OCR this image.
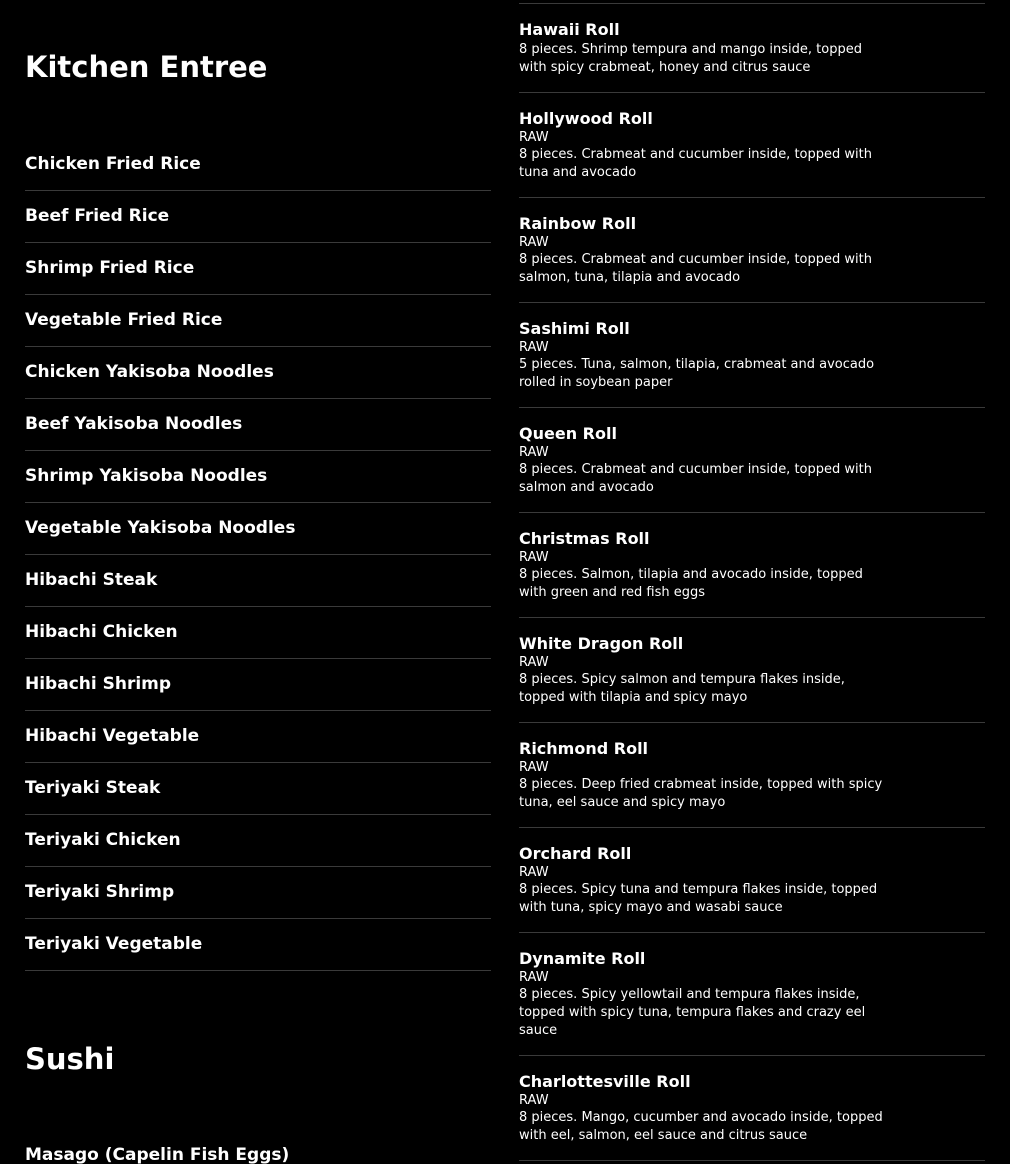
Kitchen Entree
Chicken Fried Rice
Beef Fried Rice
Shrimp Fried Rice
Vegetable Fried Rice
Chicken Yakisoba Noodles
Beef Yakisoba Noodles
Shrimp Yakisoba Noodles
Vegetable Yakisoba Noodles
Hibachi Steak
Hibachi Chicken
Hibachi Shrimp
Hibachi Vegetable
Teriyaki Steak
Teriyaki Chicken
Teriyaki Shrimp
Teriyaki Vegetable
Sushi
Masago (Capelin Fish Eggs)
Hawaii Roll
8 pieces. Shrimp tempura and mango inside, topped with spicy crabmeat, honey and citrus sauce
Hollywood Roll
RAW
8 pieces. Crabmeat and cucumber inside, topped with tuna and avocado
Rainbow Roll
RAW
8 pieces. Crabmeat and cucumber inside, topped with salmon, tuna, tilapia and avocado
Sashimi Roll
RAW
5 pieces. Tuna, salmon, tilapia, crabmeat and avocado rolled in soybean paper
Queen Roll
RAW
8 pieces. Crabmeat and cucumber inside, topped with salmon and avocado
Christmas Roll
RAW
8 pieces. Salmon, tilapia and avocado inside, topped with green and red fish eggs
White Dragon Roll
RAW
8 pieces. Spicy salmon and tempura flakes inside, topped with tilapia and spicy mayo
Richmond Roll
RAW
8 pieces. Deep fried crabmeat inside, topped with spicy tuna, eel sauce and spicy mayo
Orchard Roll
RAW
8 pieces. Spicy tuna and tempura flakes inside, topped with tuna, spicy mayo and wasabi sauce
Dynamite Roll
RAW
8 pieces. Spicy yellowtail and tempura flakes inside, topped with spicy tuna, tempura flakes and crazy eel sauce
Charlottesville Roll
RAW
8 pieces. Mango, cucumber and avocado inside, topped with eel, salmon, eel sauce and citrus sauce
